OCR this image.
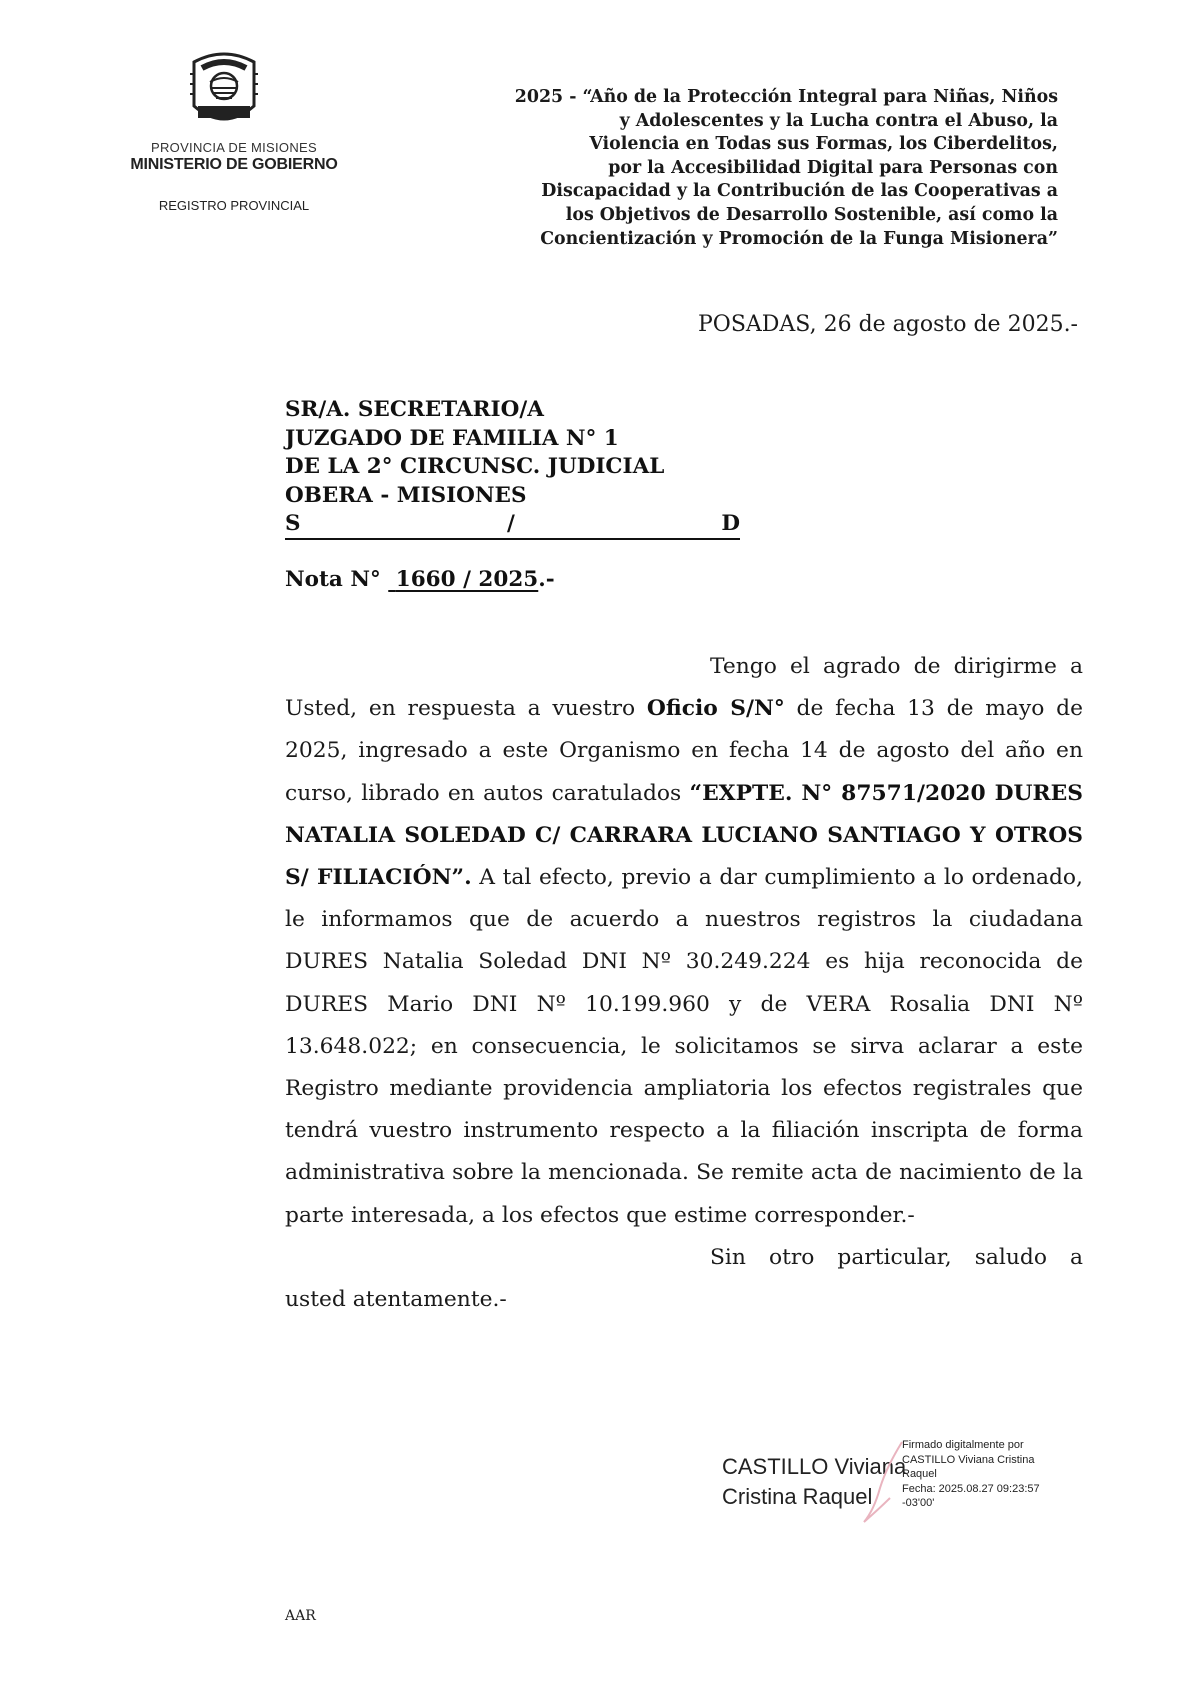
PROVINCIA DE MISIONES
MINISTERIO DE GOBIERNO
REGISTRO PROVINCIAL
2025 - “Año de la Protección Integral para Niñas, Niños
y Adolescentes y la Lucha contra el Abuso, la
Violencia en Todas sus Formas, los Ciberdelitos,
por la Accesibilidad Digital para Personas con
Discapacidad y la Contribución de las Cooperativas a
los Objetivos de Desarrollo Sostenible, así como la
Concientización y Promoción de la Funga Misionera”
POSADAS, 26 de agosto de 2025.-
SR/A. SECRETARIO/A
JUZGADO DE FAMILIA N° 1
DE LA 2° CIRCUNSC. JUDICIAL
OBERA - MISIONES
S	/	D
Nota N° 1660 / 2025.-

Tengo el agrado de dirigirme a Usted, en respuesta a vuestro Oficio S/N° de fecha 13 de mayo de 2025, ingresado a este Organismo en fecha 14 de agosto del año en curso, librado en autos caratulados “EXPTE. N° 87571/2020 DURES NATALIA SOLEDAD C/ CARRARA LUCIANO SANTIAGO Y OTROS S/ FILIACIÓN”. A tal efecto, previo a dar cumplimiento a lo ordenado, le informamos que de acuerdo a nuestros registros la ciudadana DURES Natalia Soledad DNI Nº 30.249.224 es hija reconocida de DURES Mario DNI Nº 10.199.960 y de VERA Rosalia DNI Nº 13.648.022; en consecuencia, le solicitamos se sirva aclarar a este Registro mediante providencia ampliatoria los efectos registrales que tendrá vuestro instrumento respecto a la filiación inscripta de forma administrativa sobre la mencionada. Se remite acta de nacimiento de la parte interesada, a los efectos que estime corresponder.-

Sin otro particular, saludo a usted atentamente.-

CASTILLO Viviana
Cristina Raquel
Firmado digitalmente por
CASTILLO Viviana Cristina
Raquel
Fecha: 2025.08.27 09:23:57
-03'00'
AAR
